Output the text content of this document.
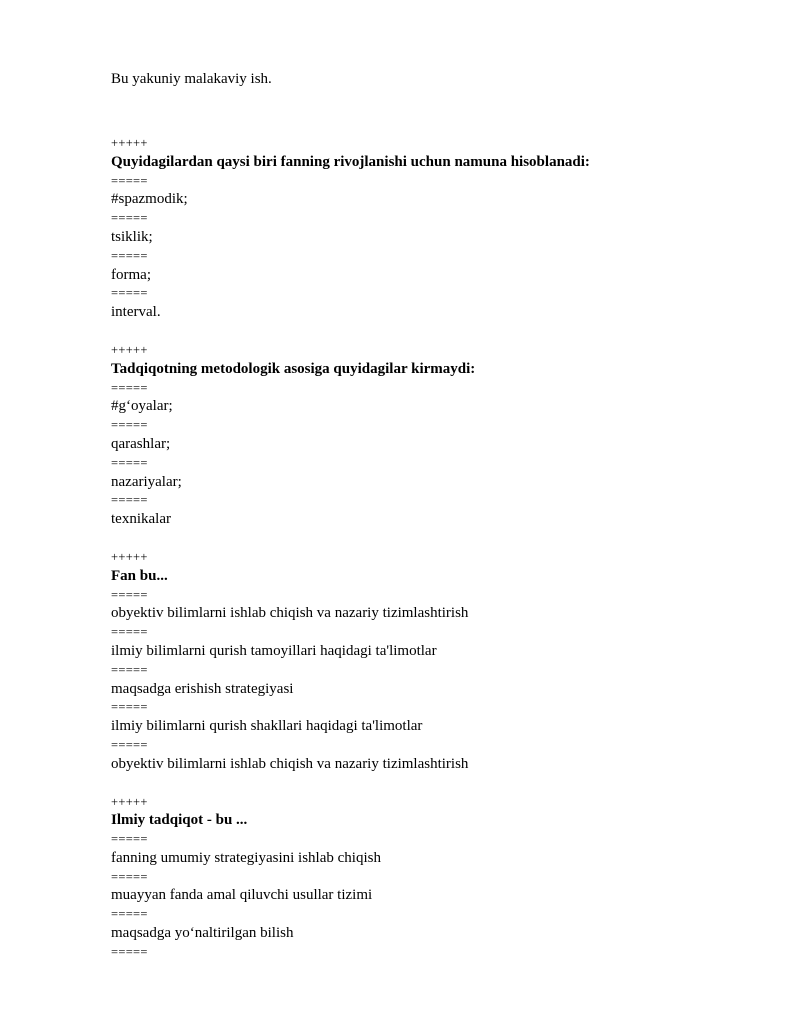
Bu yakuniy malakaviy ish.

+++++
Quyidagilardan qaysi biri fanning rivojlanishi uchun namuna hisoblanadi:
=====
#spazmodik;
=====
tsiklik;
=====
forma;
=====
interval.
+++++
Tadqiqotning metodologik asosiga quyidagilar kirmaydi:
=====
#g‘oyalar;
=====
qarashlar;
=====
nazariyalar;
=====
texnikalar
+++++
Fan bu...
=====
obyektiv bilimlarni ishlab chiqish va nazariy tizimlashtirish
=====
ilmiy bilimlarni qurish tamoyillari haqidagi ta'limotlar
=====
maqsadga erishish strategiyasi
=====
ilmiy bilimlarni qurish shakllari haqidagi ta'limotlar
=====
obyektiv bilimlarni ishlab chiqish va nazariy tizimlashtirish
+++++
Ilmiy tadqiqot - bu ...
=====
fanning umumiy strategiyasini ishlab chiqish
=====
muayyan fanda amal qiluvchi usullar tizimi
=====
maqsadga yo‘naltirilgan bilish
=====
